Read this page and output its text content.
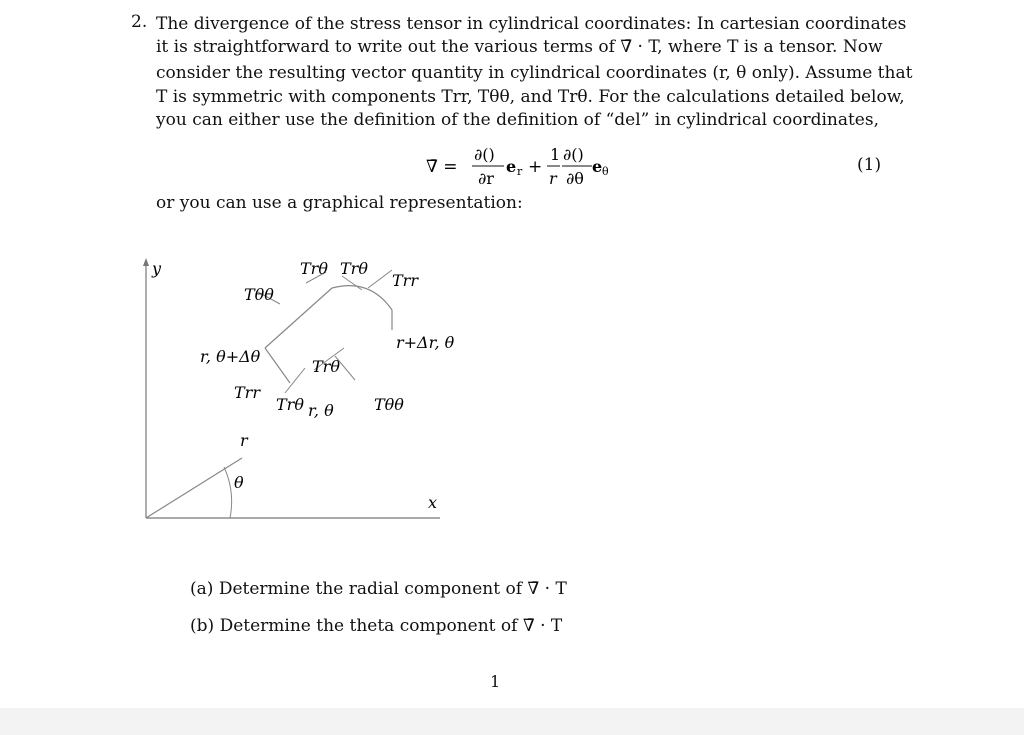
2. The divergence of the stress tensor in cylindrical coordinates: In cartesian coordinates
it is straightforward to write out the various terms of ∇̄ · T, where T is a tensor. Now
consider the resulting vector quantity in cylindrical coordinates (r, θ only). Assume that
T is symmetric with components Trr, Tθθ, and Trθ. For the calculations detailed below,
you can either use the definition of the definition of “del” in cylindrical coordinates,
∇̄ =
∂()
∂r
e r +
1
r
∂()
∂θ
e θ	(1)
or you can use a graphical representation:
y
x
θ
r
Trθ Trθ
Trr
Tθθ
r, θ+Δθ
r+Δr, θ
Trθ
Trr
Trθ r, θ	Tθθ
(a) Determine the radial component of ∇̄ · T
(b) Determine the theta component of ∇̄ · T
1
